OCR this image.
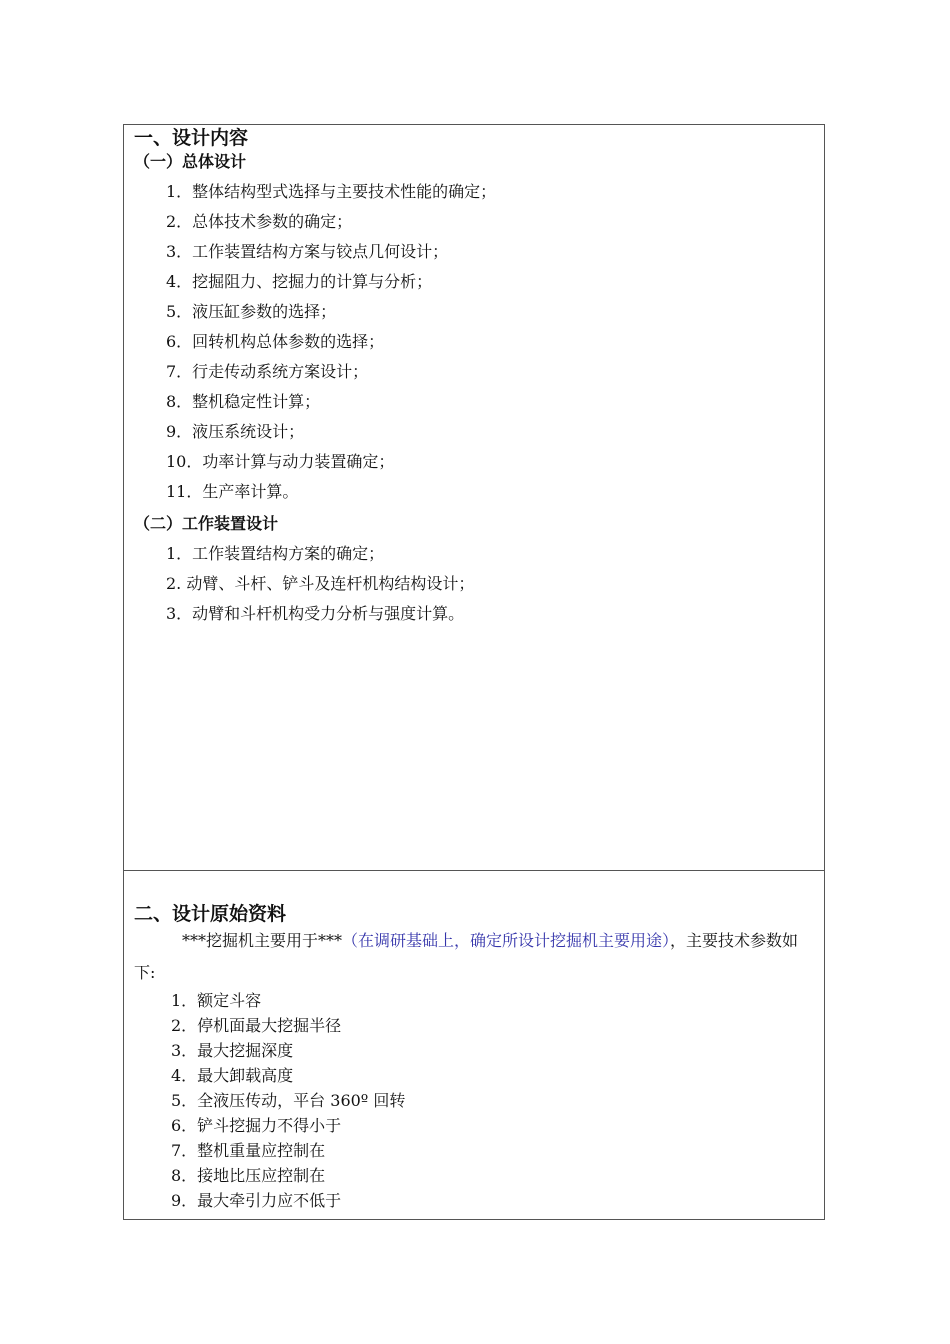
一、设计内容
（一）总体设计
1．整体结构型式选择与主要技术性能的确定；
2．总体技术参数的确定；
3．工作装置结构方案与铰点几何设计；
4．挖掘阻力、挖掘力的计算与分析；
5．液压缸参数的选择；
6．回转机构总体参数的选择；
7．行走传动系统方案设计；
8．整机稳定性计算；
9．液压系统设计；
10．功率计算与动力装置确定；
11．生产率计算。
（二）工作装置设计
1．工作装置结构方案的确定；
2. 动臂、斗杆、铲斗及连杆机构结构设计；
3．动臂和斗杆机构受力分析与强度计算。
二、设计原始资料
***挖掘机主要用于***（在调研基础上，确定所设计挖掘机主要用途），主要技术参数如下:
1．额定斗容
2．停机面最大挖掘半径
3．最大挖掘深度
4．最大卸载高度
5．全液压传动，平台 360º 回转
6．铲斗挖掘力不得小于
7．整机重量应控制在
8．接地比压应控制在
9．最大牵引力应不低于
